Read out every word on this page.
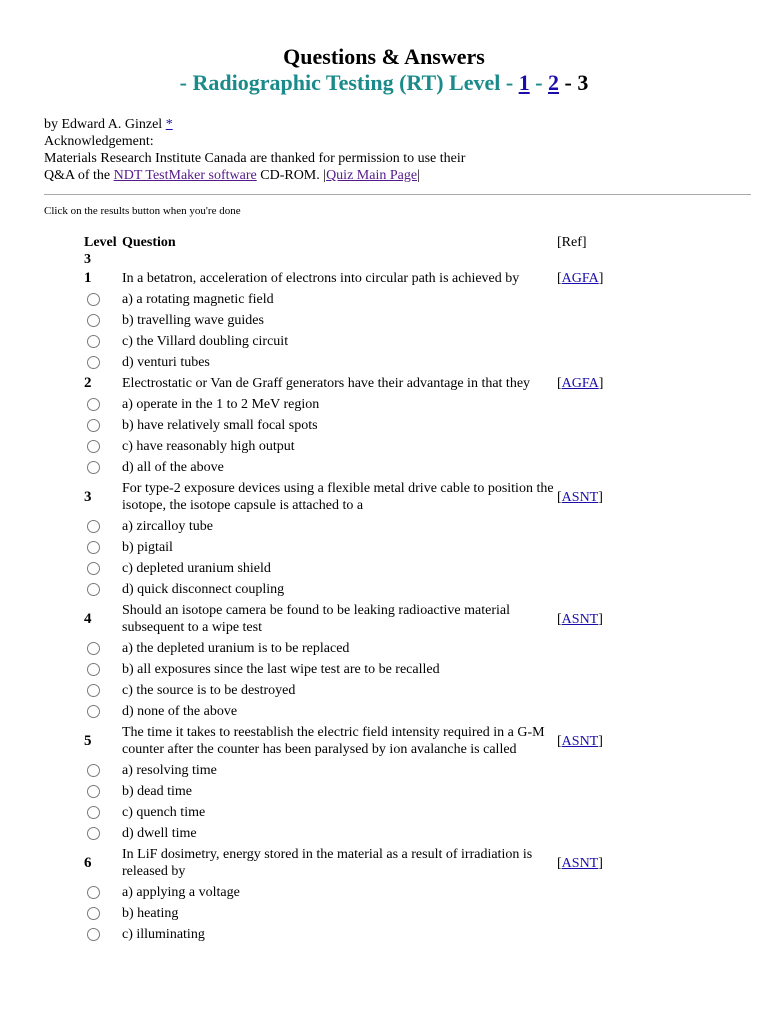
Questions & Answers

- Radiographic Testing (RT) Level - 1 - 2 - 3

by Edward A. Ginzel *
Acknowledgement:
Materials Research Institute Canada are thanked for permission to use their
Q&A of the NDT TestMaker software CD-ROM. |Quiz Main Page|
Click on the results button when you're done
Level
3	Question	[Ref]
1	In a betatron, acceleration of electrons into circular path is achieved by	[AGFA]
	a) a rotating magnetic field	
	b) travelling wave guides	
	c) the Villard doubling circuit	
	d) venturi tubes	
2	Electrostatic or Van de Graff generators have their advantage in that they	[AGFA]
	a) operate in the 1 to 2 MeV region	
	b) have relatively small focal spots	
	c) have reasonably high output	
	d) all of the above	
3	For type-2 exposure devices using a flexible metal drive cable to position the isotope, the isotope capsule is attached to a	[ASNT]
	a) zircalloy tube	
	b) pigtail	
	c) depleted uranium shield	
	d) quick disconnect coupling	
4	Should an isotope camera be found to be leaking radioactive material subsequent to a wipe test	[ASNT]
	a) the depleted uranium is to be replaced	
	b) all exposures since the last wipe test are to be recalled	
	c) the source is to be destroyed	
	d) none of the above	
5	The time it takes to reestablish the electric field intensity required in a G-M counter after the counter has been paralysed by ion avalanche is called	[ASNT]
	a) resolving time	
	b) dead time	
	c) quench time	
	d) dwell time	
6	In LiF dosimetry, energy stored in the material as a result of irradiation is released by	[ASNT]
	a) applying a voltage	
	b) heating	
	c) illuminating	
